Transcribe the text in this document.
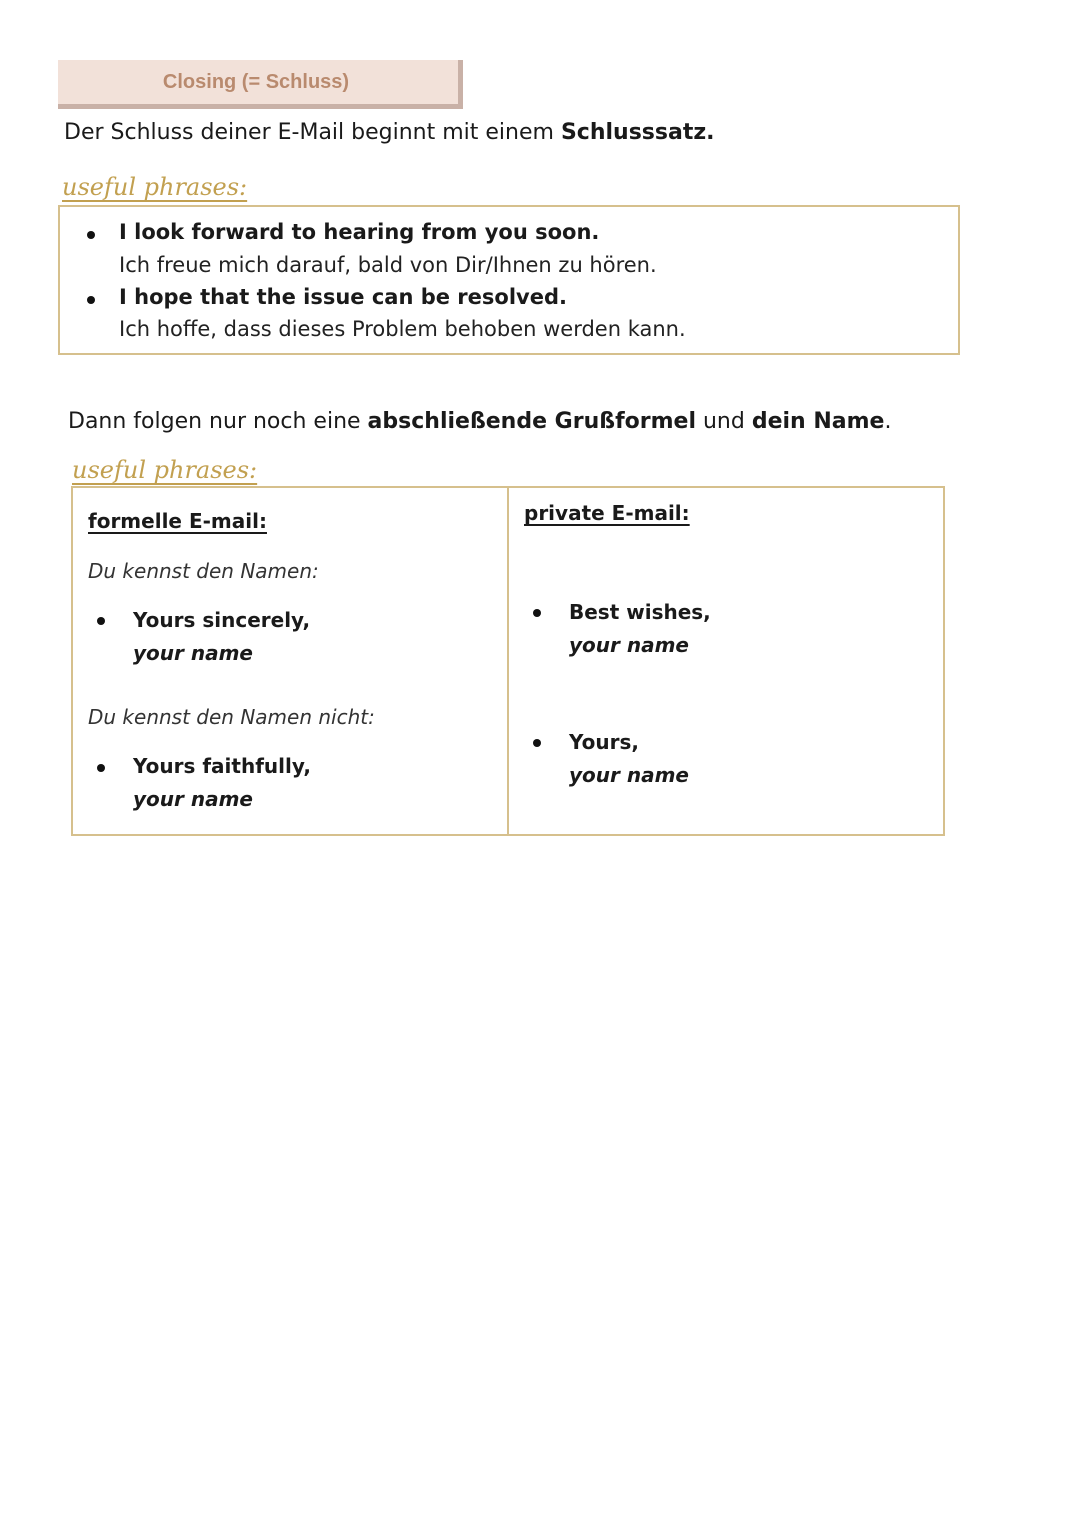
Closing (= Schluss)
Der Schluss deiner E-Mail beginnt mit einem Schlusssatz.
useful phrases:
I look forward to hearing from you soon.
Ich freue mich darauf, bald von Dir/Ihnen zu hören.
I hope that the issue can be resolved.
Ich hoffe, dass dieses Problem behoben werden kann.
Dann folgen nur noch eine abschließende Grußformel und dein Name.
useful phrases:
formelle E-mail:
Du kennst den Namen:
Yours sincerely,
your name
Du kennst den Namen nicht:
Yours faithfully,
your name
private E-mail:
Best wishes,
your name
Yours,
your name
